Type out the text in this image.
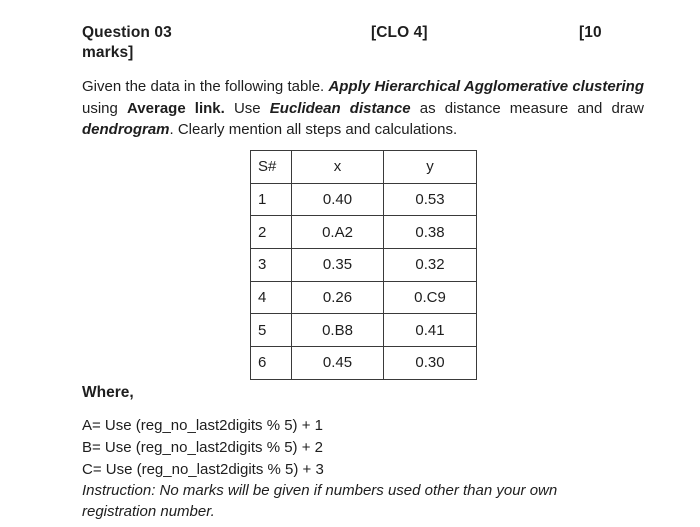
Question 03	[CLO 4]	[10
marks]
Given the data in the following table. Apply Hierarchical Agglomerative clustering using Average link. Use Euclidean distance as distance measure and draw dendrogram. Clearly mention all steps and calculations.
S#	x	y
1	0.40	0.53
2	0.A2	0.38
3	0.35	0.32
4	0.26	0.C9
5	0.B8	0.41
6	0.45	0.30
Where,
A= Use (reg_no_last2digits % 5) + 1
B= Use (reg_no_last2digits % 5) + 2
C= Use (reg_no_last2digits % 5) + 3
Instruction: No marks will be given if numbers used other than your own
registration number.
